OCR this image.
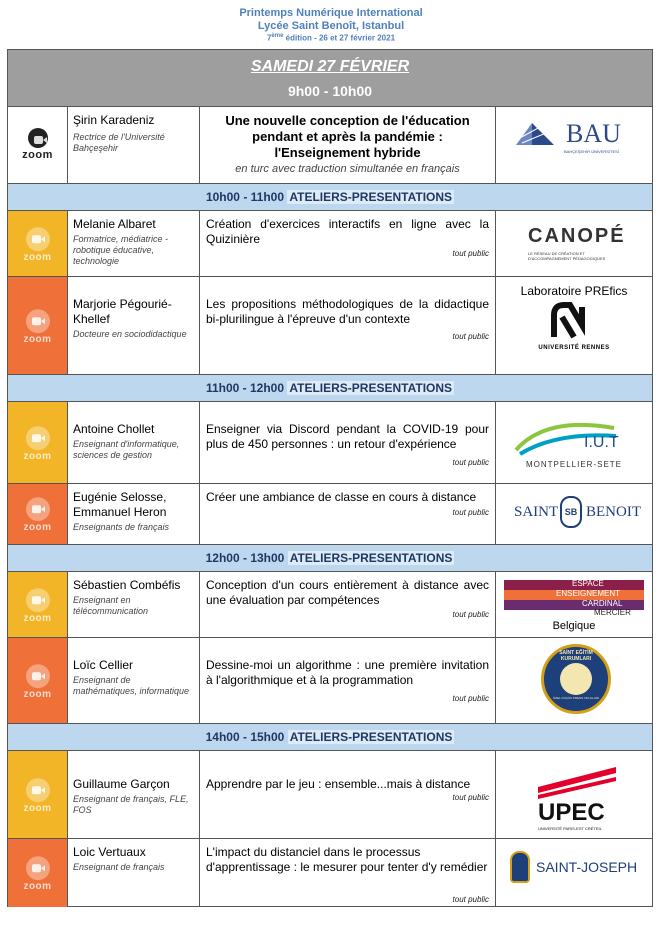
Printemps Numérique International
Lycée Saint Benoît, Istanbul
7ème édition - 26 et 27 février 2021
SAMEDI 27 FÉVRIER
9h00 - 10h00
zoom
Şirin Karadeniz
Rectrice de l'Université Bahçeşehir
Une nouvelle conception de l'éducation pendant et après la pandémie : l'Enseignement hybride
en turc avec traduction simultanée en français
BAU
BAHÇEŞEHİR ÜNİVERSİTESİ
10h00 - 11h00 ATELIERS-PRESENTATIONS
zoom
Melanie Albaret
Formatrice, médiatrice - robotique éducative, technologie
Création d'exercices interactifs en ligne avec la Quizinière
tout public
CANOPÉ
LE RÉSEAU DE CRÉATION ET D'ACCOMPAGNEMENT PÉDAGOGIQUES
zoom
Marjorie Pégourié-Khellef
Docteure en sociodidactique
Les propositions méthodologiques de la didactique bi-plurilingue à l'épreuve d'un contexte
tout public
Laboratoire PREfics
UNIVERSITÉ RENNES
11h00 - 12h00 ATELIERS-PRESENTATIONS
zoom
Antoine Chollet
Enseignant d'informatique, sciences de gestion
Enseigner via Discord pendant la COVID-19 pour plus de 450 personnes : un retour d'expérience
tout public
I.U.T
MONTPELLIER-SETE
zoom
Eugénie Selosse, Emmanuel Heron
Enseignants de français
Créer une ambiance de classe en cours à distance
tout public SAINT SB BENOIT
12h00 - 13h00 ATELIERS-PRESENTATIONS
zoom
Sébastien Combéfis
Enseignant en télécommunication
Conception d'un cours entièrement à distance avec une évaluation par compétences
tout public
ESPACE
ENSEIGNEMENT
CARDINAL
MERCIER
Belgique
zoom
Loïc Cellier
Enseignant de mathématiques, informatique
Dessine-moi un algorithme : une première invitation à l'algorithmique et à la programmation
tout public
SAİNT EĞİTİM KURUMLARI
ÖZEL KÜÇÜK PRENS OKULLARI
14h00 - 15h00 ATELIERS-PRESENTATIONS
zoom
Guillaume Garçon
Enseignant de français, FLE, FOS
Apprendre par le jeu : ensemble...mais à distance
tout public
UPEC
UNIVERSITÉ PARIS-EST CRÉTEIL
zoom
Loic Vertuaux
Enseignant de français
L'impact du distanciel dans le processus d'apprentissage : le mesurer pour tenter d'y remédier
tout public
SAINT-JOSEPH
